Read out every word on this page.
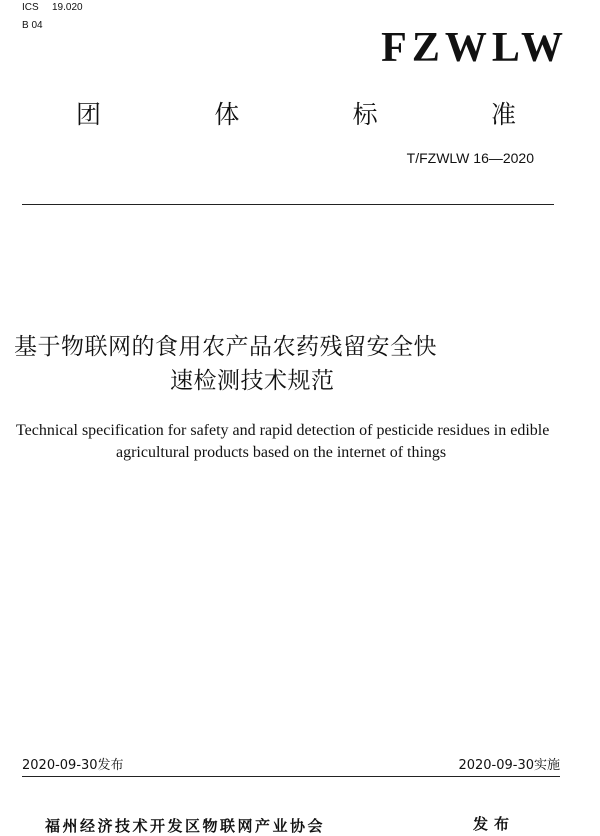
ICS 19.020
B 04	FZWLW
团	体	标	准
T/FZWLW 16—2020
基于物联网的食用农产品农药残留安全快
速检测技术规范
Technical specification for safety and rapid detection of pesticide residues in edible
agricultural products based on the internet of things
2020-09-30发布	2020-09-30实施
福州经济技术开发区物联网产业协会	发布
